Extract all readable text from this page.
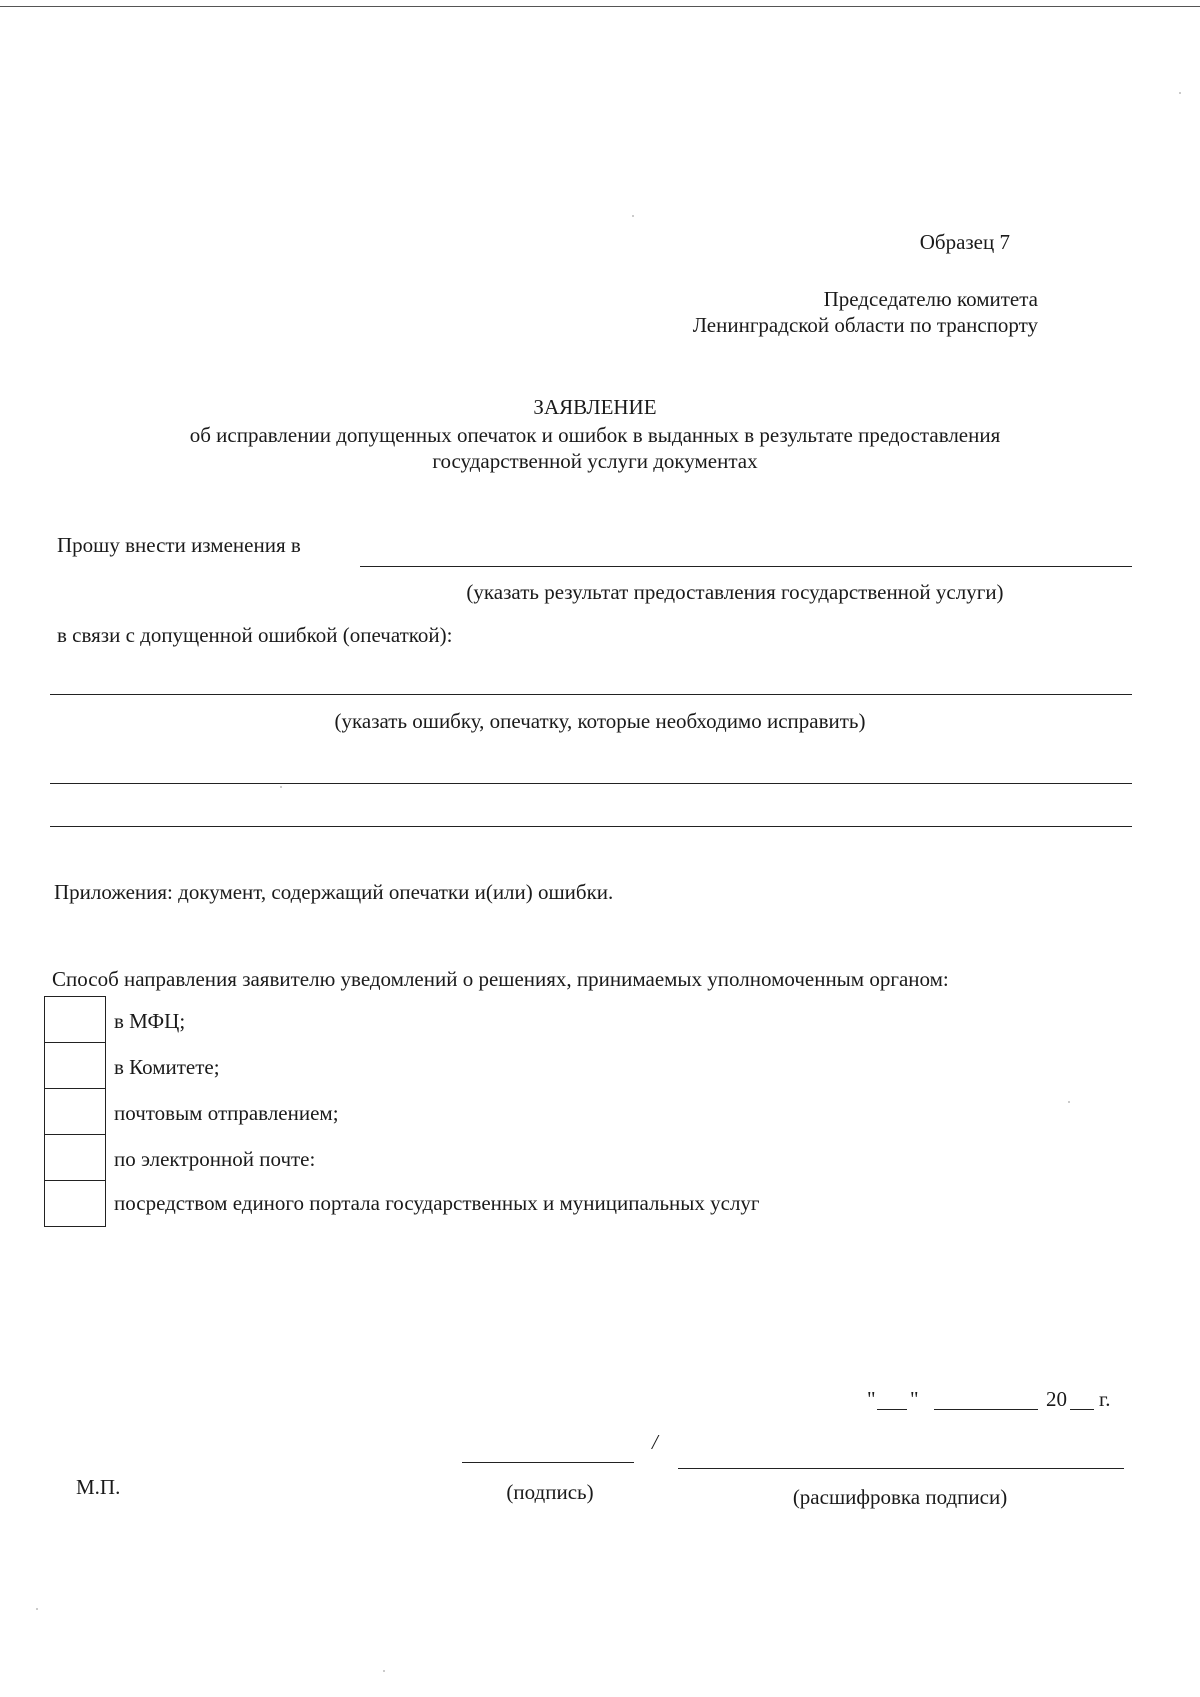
Образец 7
Председателю комитета
Ленинградской области по транспорту
ЗАЯВЛЕНИЕ
об исправлении допущенных опечаток и ошибок в выданных в результате предоставления
государственной услуги документах
Прошу внести изменения в
(указать результат предоставления государственной услуги)
в связи с допущенной ошибкой (опечаткой):
(указать ошибку, опечатку, которые необходимо исправить)
Приложения: документ, содержащий опечатки и(или) ошибки.
Способ направления заявителю уведомлений о решениях, принимаемых уполномоченным органом:
в МФЦ;
в Комитете;
почтовым отправлением;
по электронной почте:
посредством единого портала государственных и муниципальных услуг
" "	20 г.
/
М.П.	(подпись)	(расшифровка подписи)
